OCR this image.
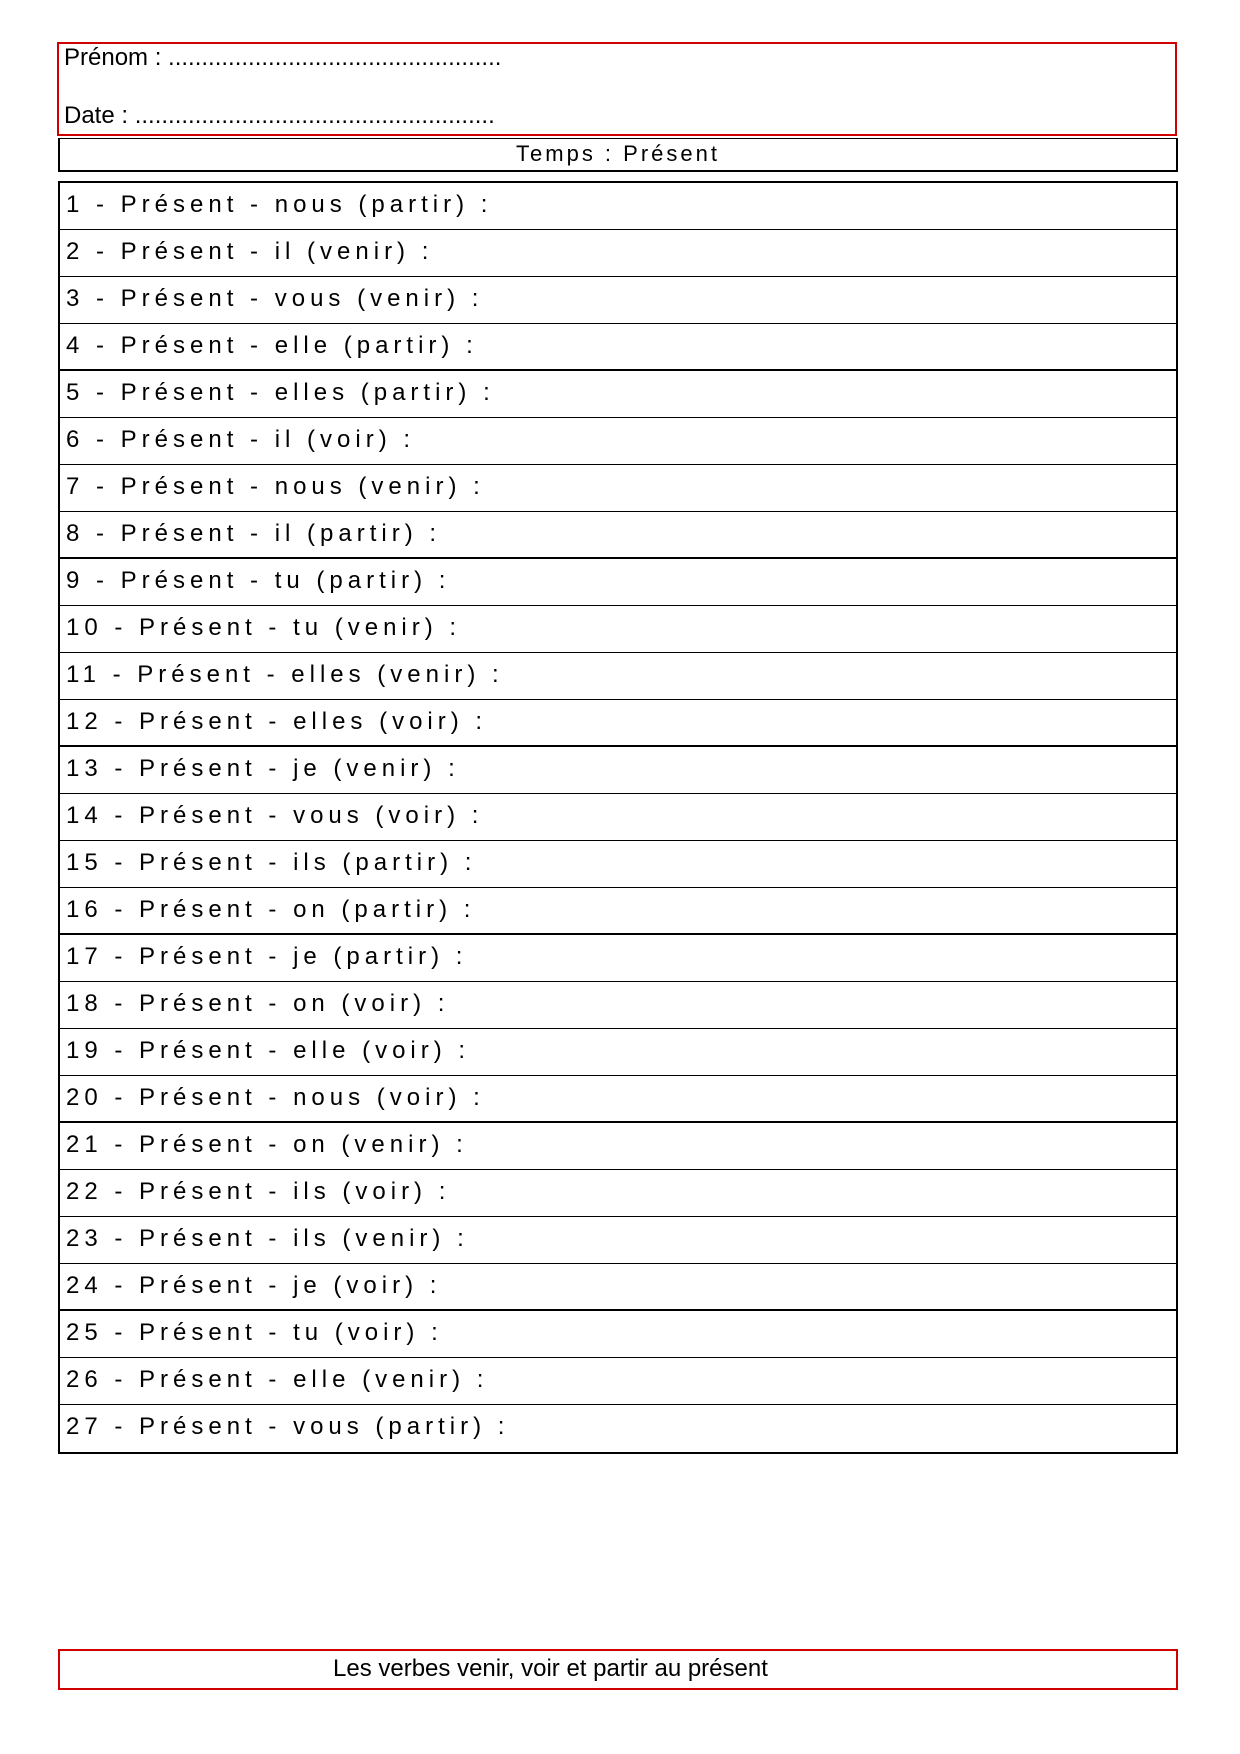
Prénom : ..................................................
Date : ......................................................
Temps : Présent
1 - Présent - nous (partir) :
2 - Présent - il (venir) :
3 - Présent - vous (venir) :
4 - Présent - elle (partir) :
5 - Présent - elles (partir) :
6 - Présent - il (voir) :
7 - Présent - nous (venir) :
8 - Présent - il (partir) :
9 - Présent - tu (partir) :
10 - Présent - tu (venir) :
11 - Présent - elles (venir) :
12 - Présent - elles (voir) :
13 - Présent - je (venir) :
14 - Présent - vous (voir) :
15 - Présent - ils (partir) :
16 - Présent - on (partir) :
17 - Présent - je (partir) :
18 - Présent - on (voir) :
19 - Présent - elle (voir) :
20 - Présent - nous (voir) :
21 - Présent - on (venir) :
22 - Présent - ils (voir) :
23 - Présent - ils (venir) :
24 - Présent - je (voir) :
25 - Présent - tu (voir) :
26 - Présent - elle (venir) :
27 - Présent - vous (partir) :
Les verbes venir, voir et partir au présent
